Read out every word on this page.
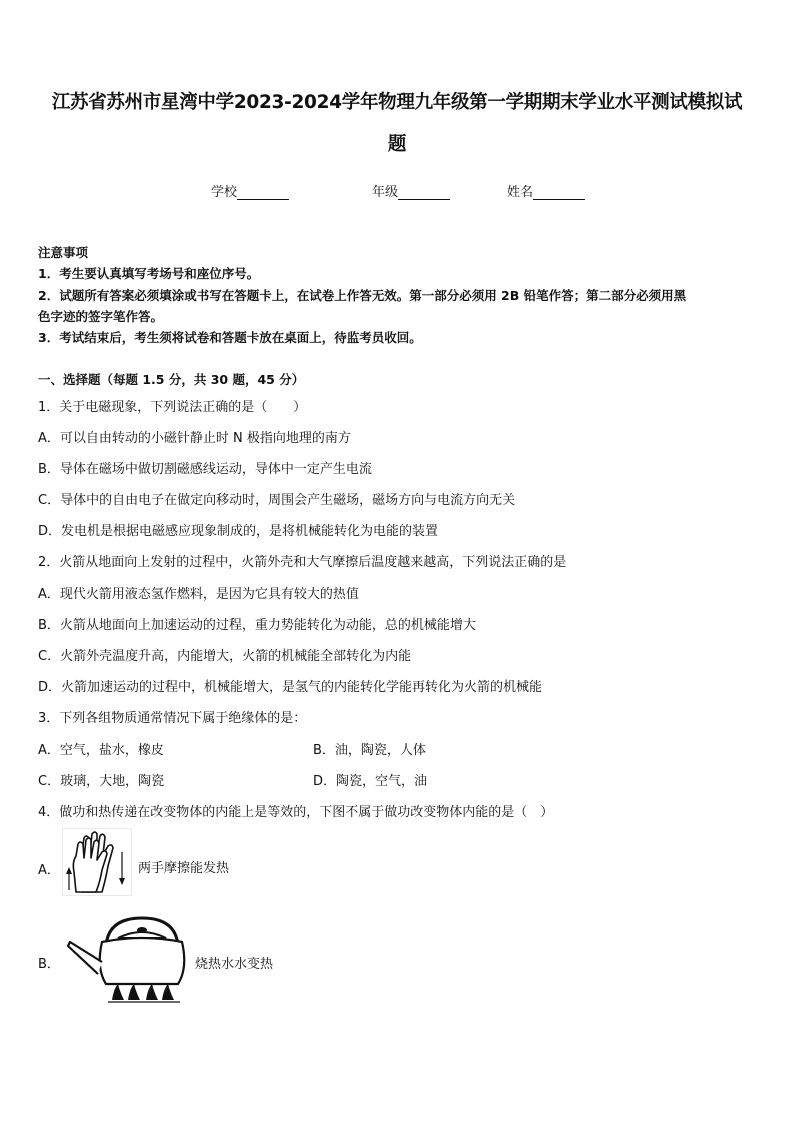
江苏省苏州市星湾中学2023-2024学年物理九年级第一学期期末学业水平测试模拟试
题
学校	年级	姓名
注意事项
1．考生要认真填写考场号和座位序号。
2．试题所有答案必须填涂或书写在答题卡上，在试卷上作答无效。第一部分必须用 2B 铅笔作答；第二部分必须用黑
色字迹的签字笔作答。
3．考试结束后，考生须将试卷和答题卡放在桌面上，待监考员收回。
一、选择题（每题 1.5 分，共 30 题，45 分）
1．关于电磁现象，下列说法正确的是（　　）
A．可以自由转动的小磁针静止时 N 极指向地理的南方
B．导体在磁场中做切割磁感线运动，导体中一定产生电流
C．导体中的自由电子在做定向移动时，周围会产生磁场，磁场方向与电流方向无关
D．发电机是根据电磁感应现象制成的，是将机械能转化为电能的装置
2．火箭从地面向上发射的过程中，火箭外壳和大气摩擦后温度越来越高，下列说法正确的是
A．现代火箭用液态氢作燃料，是因为它具有较大的热值
B．火箭从地面向上加速运动的过程，重力势能转化为动能，总的机械能增大
C．火箭外壳温度升高，内能增大，火箭的机械能全部转化为内能
D．火箭加速运动的过程中，机械能增大，是氢气的内能转化学能再转化为火箭的机械能
3．下列各组物质通常情况下属于绝缘体的是：
A．空气，盐水，橡皮	B．油，陶瓷，人体
C．玻璃，大地，陶瓷	D．陶瓷，空气，油
4．做功和热传递在改变物体的内能上是等效的，下图不属于做功改变物体内能的是（　）
A．	两手摩擦能发热
B．	烧热水水变热
